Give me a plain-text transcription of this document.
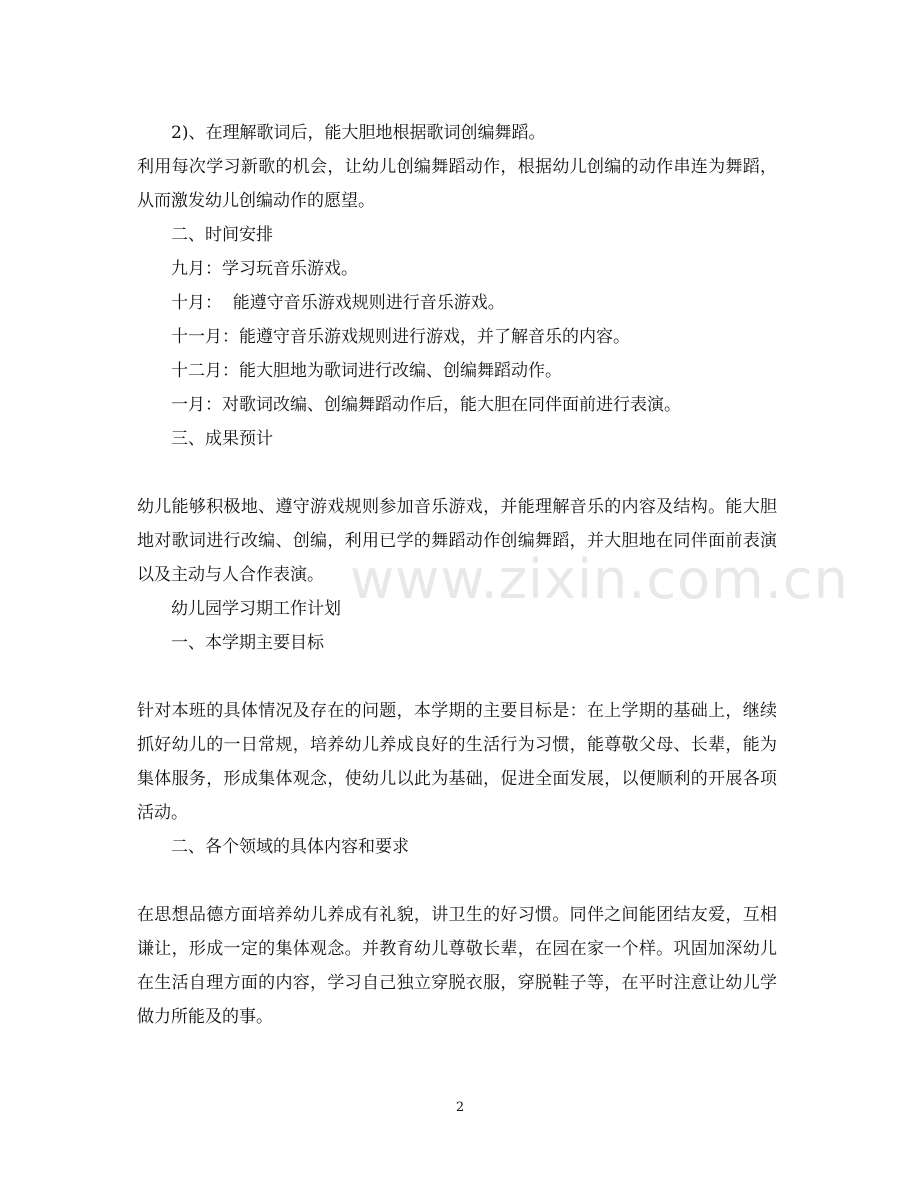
2)、在理解歌词后，能大胆地根据歌词创编舞蹈。

利用每次学习新歌的机会，让幼儿创编舞蹈动作，根据幼儿创编的动作串连为舞蹈，从而激发幼儿创编动作的愿望。

二、时间安排

九月：学习玩音乐游戏。

十月：  能遵守音乐游戏规则进行音乐游戏。

十一月：能遵守音乐游戏规则进行游戏，并了解音乐的内容。

十二月：能大胆地为歌词进行改编、创编舞蹈动作。

一月：对歌词改编、创编舞蹈动作后，能大胆在同伴面前进行表演。

三、成果预计

幼儿能够积极地、遵守游戏规则参加音乐游戏，并能理解音乐的内容及结构。能大胆地对歌词进行改编、创编，利用已学的舞蹈动作创编舞蹈，并大胆地在同伴面前表演以及主动与人合作表演。

幼儿园学习期工作计划

一、本学期主要目标

针对本班的具体情况及存在的问题，本学期的主要目标是：在上学期的基础上，继续抓好幼儿的一日常规，培养幼儿养成良好的生活行为习惯，能尊敬父母、长辈，能为集体服务，形成集体观念，使幼儿以此为基础，促进全面发展，以便顺利的开展各项活动。

二、各个领域的具体内容和要求

在思想品德方面培养幼儿养成有礼貌，讲卫生的好习惯。同伴之间能团结友爱，互相谦让，形成一定的集体观念。并教育幼儿尊敬长辈，在园在家一个样。巩固加深幼儿在生活自理方面的内容，学习自己独立穿脱衣服，穿脱鞋子等，在平时注意让幼儿学做力所能及的事。

www.zixin.com.cn
2
